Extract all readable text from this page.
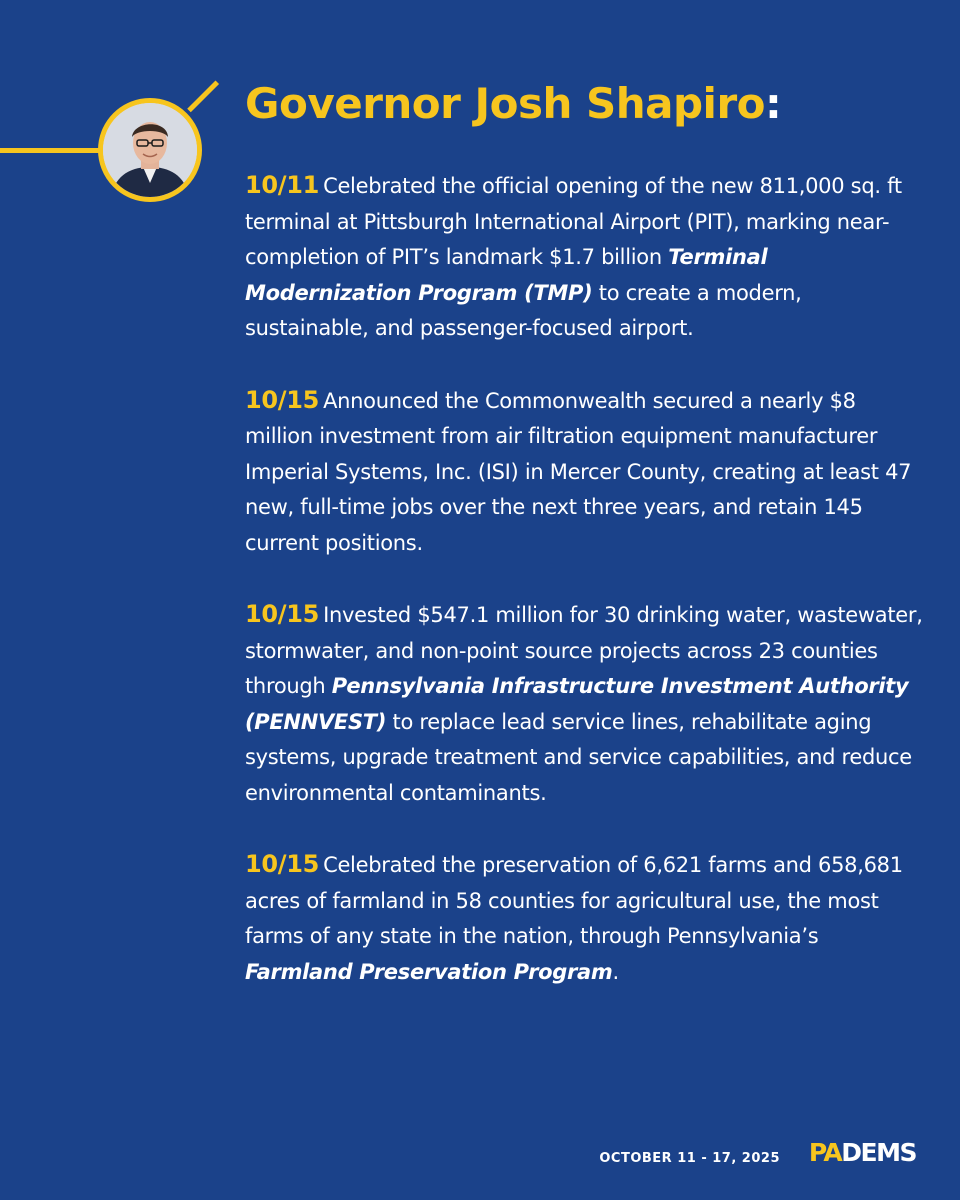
Governor Josh Shapiro:

10/11 Celebrated the official opening of the new 811,000 sq. ft terminal at Pittsburgh International Airport (PIT), marking near-completion of PIT’s landmark $1.7 billion Terminal Modernization Program (TMP) to create a modern, sustainable, and passenger-focused airport.

10/15 Announced the Commonwealth secured a nearly $8 million investment from air filtration equipment manufacturer Imperial Systems, Inc. (ISI) in Mercer County, creating at least 47 new, full-time jobs over the next three years, and retain 145 current positions.

10/15 Invested $547.1 million for 30 drinking water, wastewater, stormwater, and non-point source projects across 23 counties through Pennsylvania Infrastructure Investment Authority (PENNVEST) to replace lead service lines, rehabilitate aging systems, upgrade treatment and service capabilities, and reduce environmental contaminants.

10/15 Celebrated the preservation of 6,621 farms and 658,681 acres of farmland in 58 counties for agricultural use, the most farms of any state in the nation, through Pennsylvania’s Farmland Preservation Program.

OCTOBER 11 - 17, 2025 PADEMS
